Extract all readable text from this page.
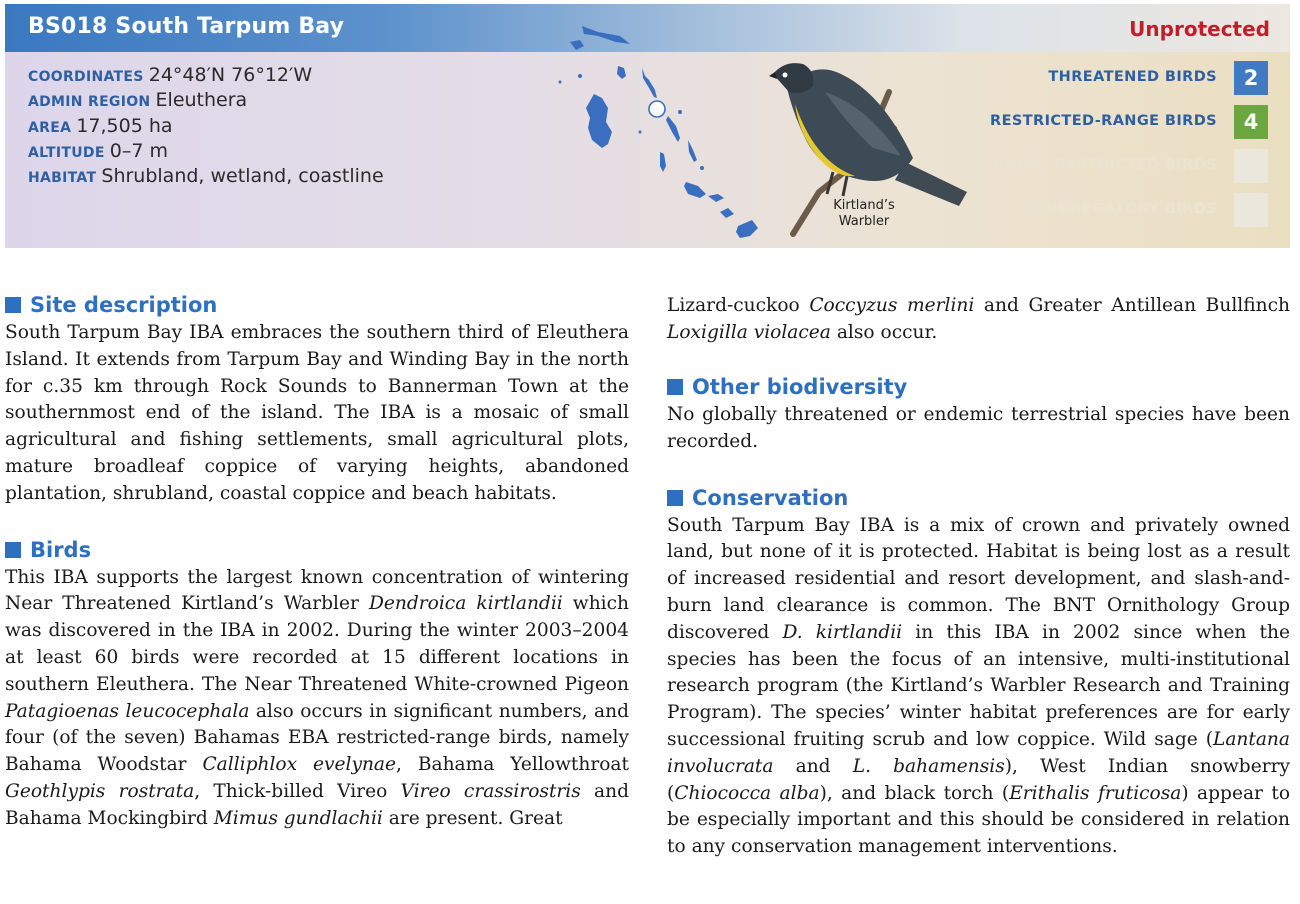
BS018 South Tarpum Bay	Unprotected
COORDINATES 24°48′N 76°12′W
ADMIN REGION Eleuthera
AREA 17,505 ha
ALTITUDE 0–7 m
HABITAT Shrubland, wetland, coastline
Kirtland’s
Warbler
THREATENED BIRDS	2
RESTRICTED-RANGE BIRDS	4
BIOME-RESTRICTED BIRDS
CONGREGATORY BIRDS
Site description
South Tarpum Bay IBA embraces the southern third of Eleuthera Island. It extends from Tarpum Bay and Winding Bay in the north for c.35 km through Rock Sounds to Bannerman Town at the southernmost end of the island. The IBA is a mosaic of small agricultural and fishing settlements, small agricultural plots, mature broadleaf coppice of varying heights, abandoned plantation, shrubland, coastal coppice and beach habitats.
Birds
This IBA supports the largest known concentration of wintering Near Threatened Kirtland’s Warbler Dendroica kirtlandii which was discovered in the IBA in 2002. During the winter 2003–2004 at least 60 birds were recorded at 15 different locations in southern Eleuthera. The Near Threatened White-crowned Pigeon Patagioenas leucocephala also occurs in significant numbers, and four (of the seven) Bahamas EBA restricted-range birds, namely Bahama Woodstar Calliphlox evelynae, Bahama Yellowthroat Geothlypis rostrata, Thick-billed Vireo Vireo crassirostris and Bahama Mockingbird Mimus gundlachii are present. Great
Other biodiversity
No globally threatened or endemic terrestrial species have been recorded.
Conservation
South Tarpum Bay IBA is a mix of crown and privately owned land, but none of it is protected. Habitat is being lost as a result of increased residential and resort development, and slash-and-burn land clearance is common. The BNT Ornithology Group discovered D. kirtlandii in this IBA in 2002 since when the species has been the focus of an intensive, multi-institutional research program (the Kirtland’s Warbler Research and Training Program). The species’ winter habitat preferences are for early successional fruiting scrub and low coppice. Wild sage (Lantana involucrata and L. bahamensis), West Indian snowberry (Chiococca alba), and black torch (Erithalis fruticosa) appear to be especially important and this should be considered in relation to any conservation management interventions.
Lizard-cuckoo Coccyzus merlini and Greater Antillean Bullfinch Loxigilla violacea also occur.
